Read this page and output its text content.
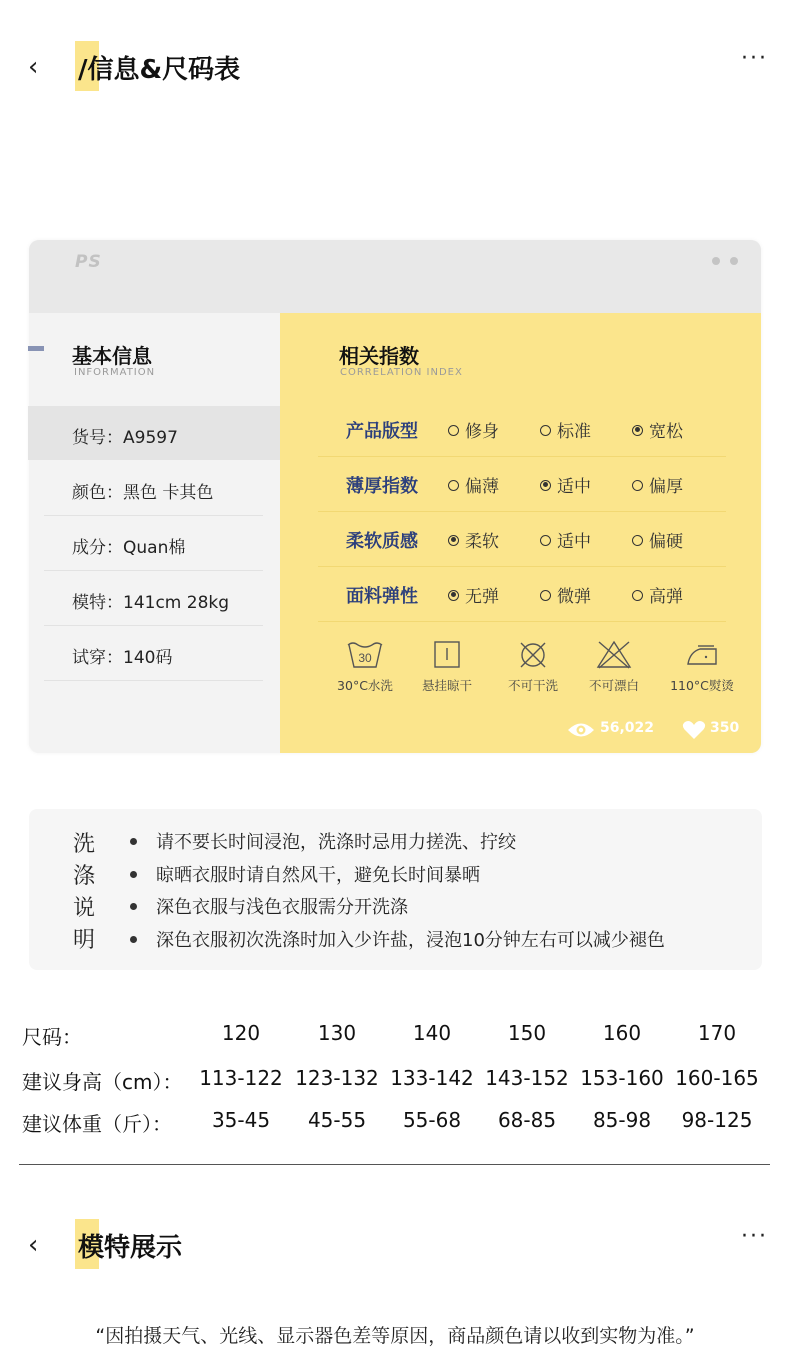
‹ /信息&尺码表	···
PS
基本信息
INFORMATION
货号：A9597
颜色：黑色 卡其色
成分：Quan棉
模特：141cm 28kg
试穿：140码
相关指数
CORRELATION INDEX
产品版型	修身	标准	宽松
薄厚指数	偏薄	适中	偏厚
柔软质感	柔软	适中	偏硬
面料弹性	无弹	微弹	高弹
30
30°C水洗	悬挂晾干	不可干洗	不可漂白	110°C熨烫
56,022	350
洗
涤
说
明
请不要长时间浸泡，洗涤时忌用力搓洗、拧绞
晾晒衣服时请自然风干，避免长时间暴晒
深色衣服与浅色衣服需分开洗涤
深色衣服初次洗涤时加入少许盐，浸泡10分钟左右可以减少褪色
尺码：	120	130	140	150	160	170
建议身高（cm）： 113-122 123-132 133-142 143-152 153-160 160-165
建议体重（斤）：	35-45	45-55	55-68	68-85	85-98	98-125
‹ 模特展示	···
“因拍摄天气、光线、显示器色差等原因，商品颜色请以收到实物为准。”
